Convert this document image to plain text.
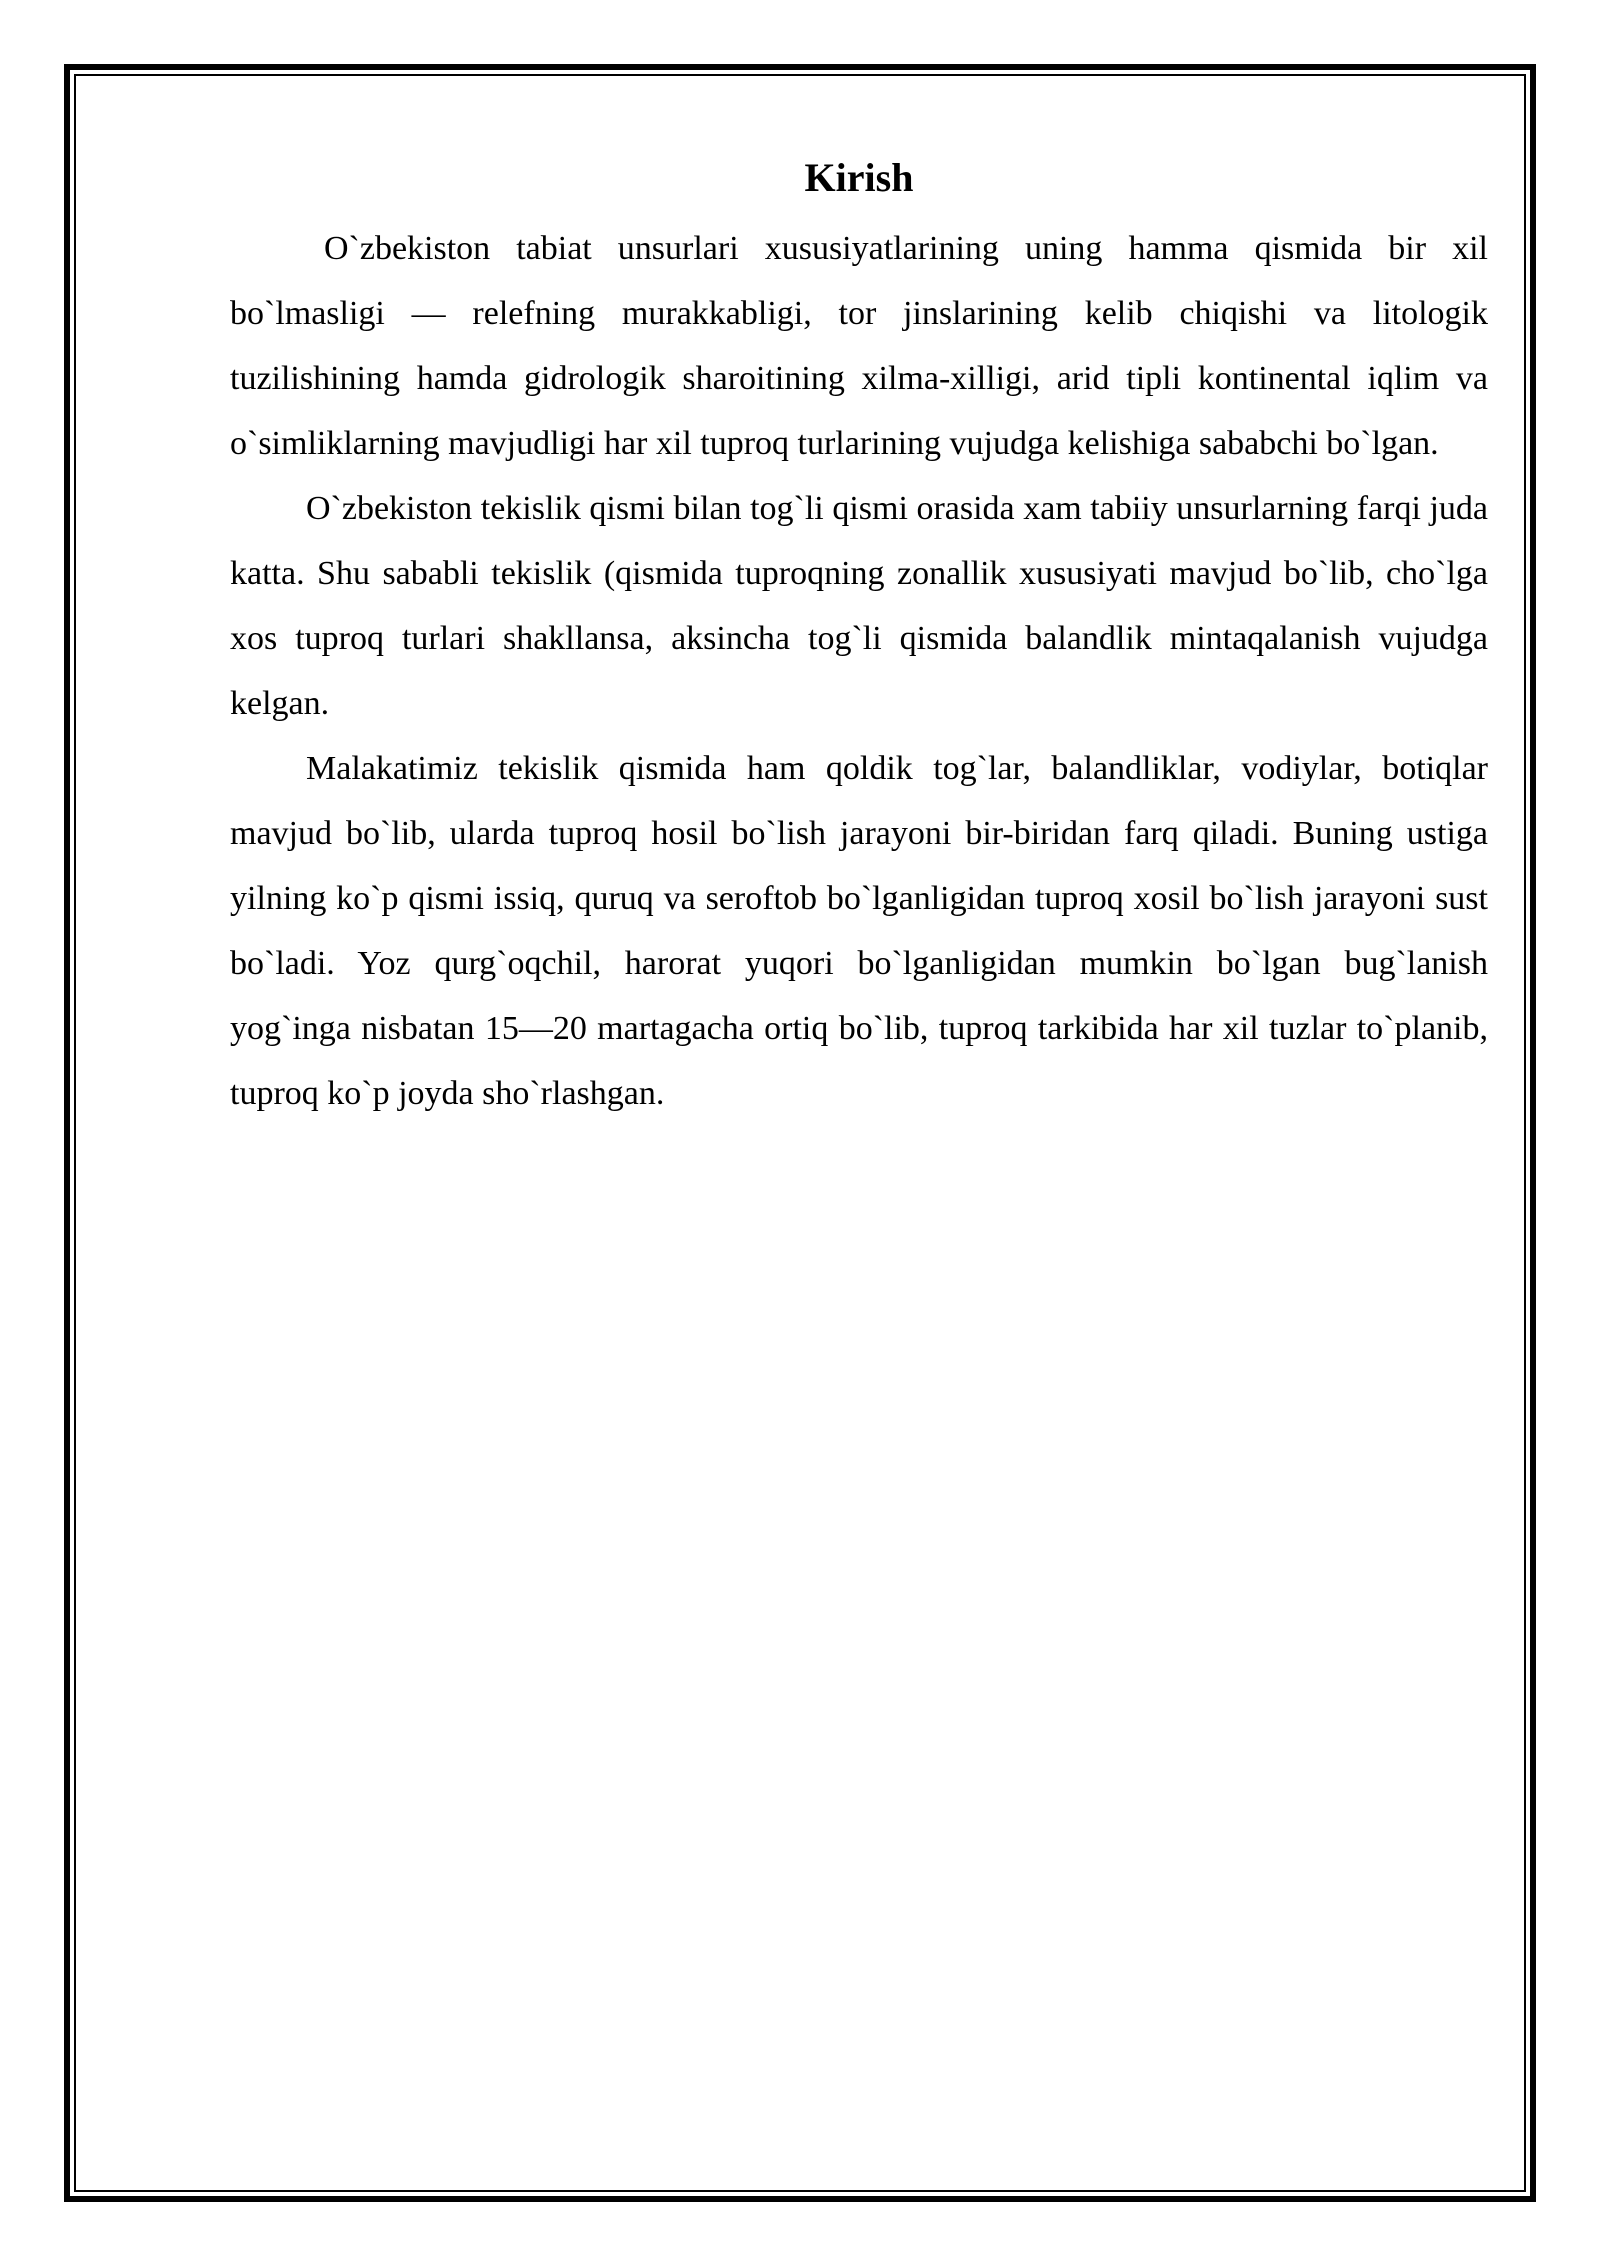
Kirish

O`zbekiston tabiat unsurlari xususiyatlarining uning hamma qismida bir xil bo`lmasligi — relefning murakkabligi, tor jinslarining kelib chiqishi va litologik tuzilishining hamda gidrologik sharoitining xilma-xilligi, arid tipli kontinental iqlim va o`simliklarning mavjudligi har xil tuproq turlarining vujudga kelishiga sababchi bo`lgan.

O`zbekiston tekislik qismi bilan tog`li qismi orasida xam tabiiy unsurlarning farqi juda katta. Shu sababli tekislik (qismida tuproqning zonallik xususiyati mavjud bo`lib, cho`lga xos tuproq turlari shakllansa, aksincha tog`li qismida balandlik mintaqalanish vujudga kelgan.

Malakatimiz tekislik qismida ham qoldik tog`lar, balandliklar, vodiylar, botiqlar mavjud bo`lib, ularda tuproq hosil bo`lish jarayoni bir-biridan farq qiladi. Buning ustiga yilning ko`p qismi issiq, quruq va seroftob bo`lganligidan tuproq xosil bo`lish jarayoni sust bo`ladi. Yoz qurg`oqchil, harorat yuqori bo`lganligidan mumkin bo`lgan bug`lanish yog`inga nisbatan 15—20 martagacha ortiq bo`lib, tuproq tarkibida har xil tuzlar to`planib, tuproq ko`p joyda sho`rlashgan.
